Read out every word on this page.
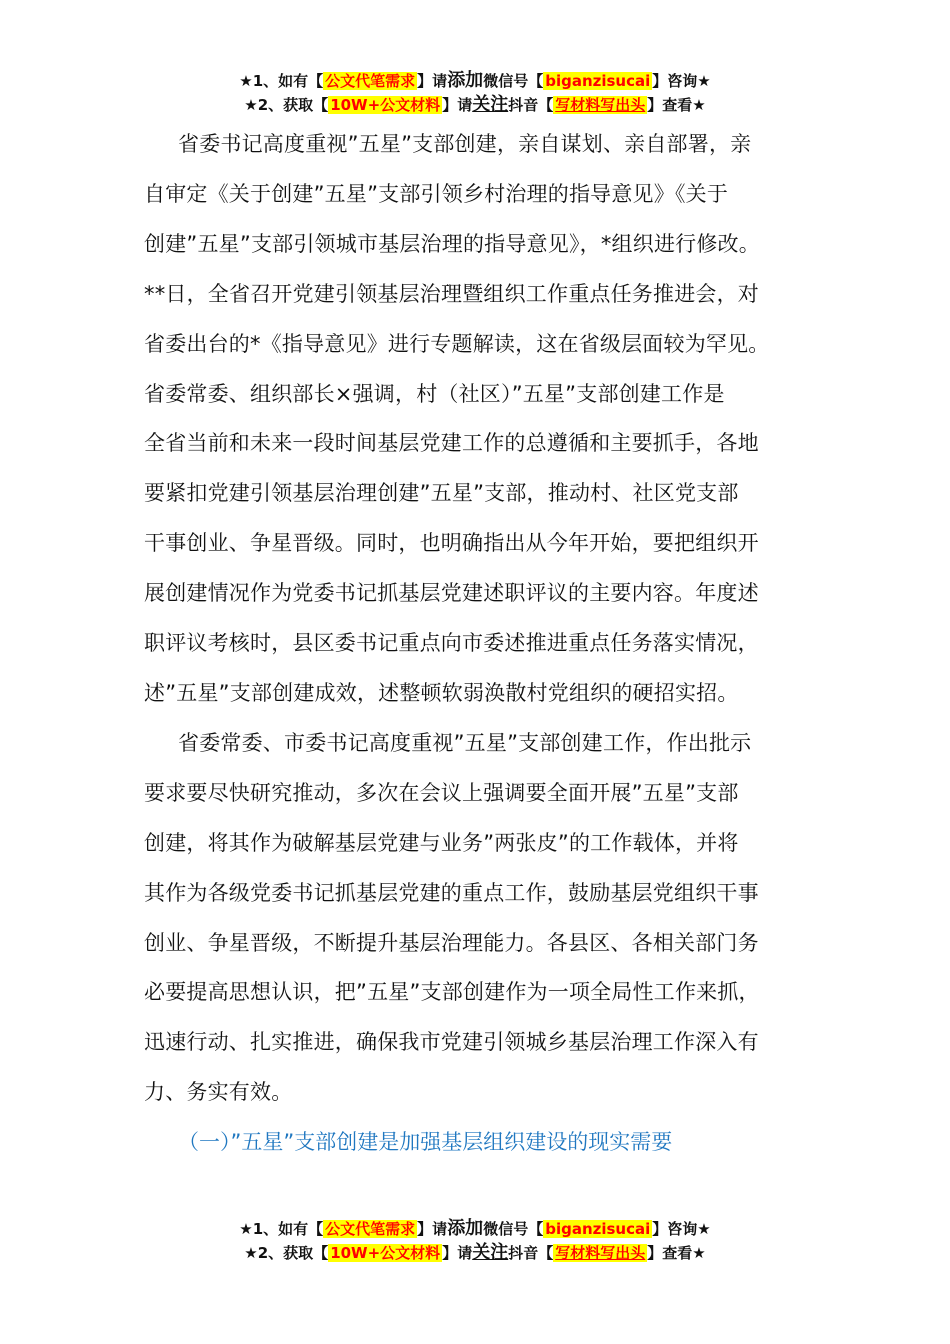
★1、如有【 公文代笔需求 】请添加微信号【 biganzisucai 】咨询★
★2、获取【 10W+公文材料 】请关注抖音【 写材料写出头 】查看★
省委书记高度重视”五星”支部创建，亲自谋划、亲自部署，亲
自审定《关于创建”五星”支部引领乡村治理的指导意见》《关于
创建”五星”支部引领城市基层治理的指导意见》，*组织进行修改。
**日，全省召开党建引领基层治理暨组织工作重点任务推进会，对
省委出台的*《指导意见》进行专题解读，这在省级层面较为罕见。
省委常委、组织部长×强调，村（社区）”五星”支部创建工作是
全省当前和未来一段时间基层党建工作的总遵循和主要抓手，各地
要紧扣党建引领基层治理创建”五星”支部，推动村、社区党支部
干事创业、争星晋级。同时，也明确指出从今年开始，要把组织开
展创建情况作为党委书记抓基层党建述职评议的主要内容。年度述
职评议考核时，县区委书记重点向市委述推进重点任务落实情况，
述”五星”支部创建成效，述整顿软弱涣散村党组织的硬招实招。
省委常委、市委书记高度重视”五星”支部创建工作，作出批示
要求要尽快研究推动，多次在会议上强调要全面开展”五星”支部
创建，将其作为破解基层党建与业务”两张皮”的工作载体，并将
其作为各级党委书记抓基层党建的重点工作，鼓励基层党组织干事
创业、争星晋级，不断提升基层治理能力。各县区、各相关部门务
必要提高思想认识，把”五星”支部创建作为一项全局性工作来抓，
迅速行动、扎实推进，确保我市党建引领城乡基层治理工作深入有
力、务实有效。
（一）”五星”支部创建是加强基层组织建设的现实需要
★1、如有【 公文代笔需求 】请添加微信号【 biganzisucai 】咨询★
★2、获取【 10W+公文材料 】请关注抖音【 写材料写出头 】查看★
